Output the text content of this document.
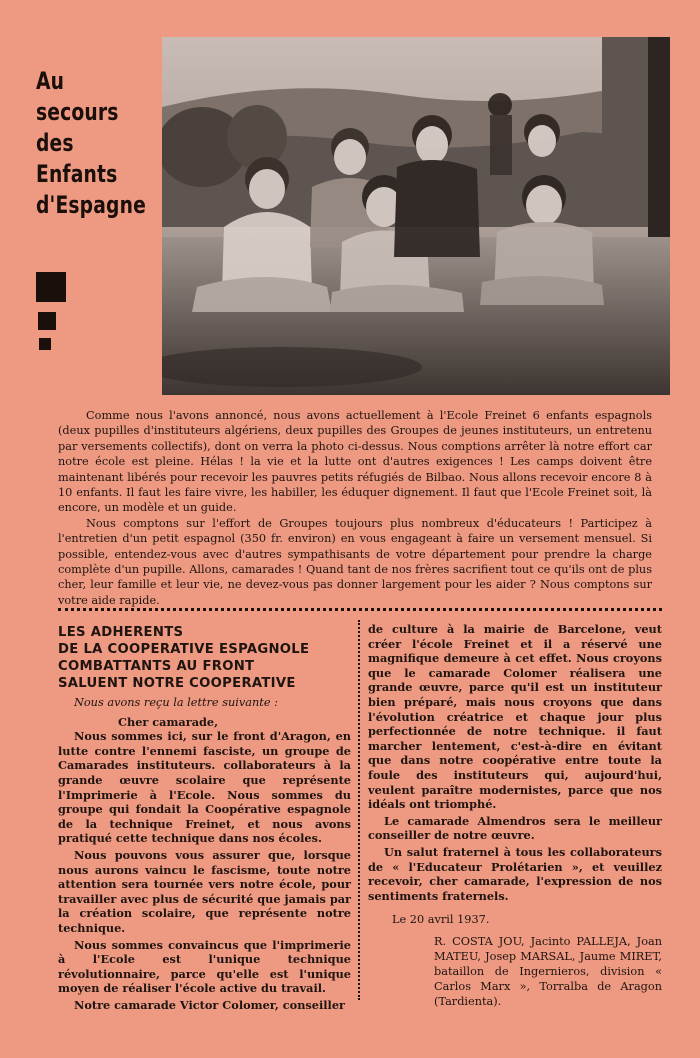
Au
secours
des
Enfants
d'Espagne

Comme nous l'avons annoncé, nous avons actuellement à l'Ecole Freinet 6 enfants espagnols (deux pupilles d'instituteurs algériens, deux pupilles des Groupes de jeunes instituteurs, un entretenu par versements collectifs), dont on verra la photo ci-dessus. Nous comptions arrêter là notre effort car notre école est pleine. Hélas ! la vie et la lutte ont d'autres exigences ! Les camps doivent être maintenant libérés pour recevoir les pauvres petits réfugiés de Bilbao. Nous allons recevoir encore 8 à 10 enfants. Il faut les faire vivre, les habiller, les éduquer dignement. Il faut que l'Ecole Freinet soit, là encore, un modèle et un guide.

Nous comptons sur l'effort de Groupes toujours plus nombreux d'éducateurs ! Participez à l'entretien d'un petit espagnol (350 fr. environ) en vous engageant à faire un versement mensuel. Si possible, entendez-vous avec d'autres sympathisants de votre département pour prendre la charge complète d'un pupille. Allons, camarades ! Quand tant de nos frères sacrifient tout ce qu'ils ont de plus cher, leur famille et leur vie, ne devez-vous pas donner largement pour les aider ? Nous comptons sur votre aide rapide.

LES ADHERENTS
DE LA COOPERATIVE ESPAGNOLE
COMBATTANTS AU FRONT
SALUENT NOTRE COOPERATIVE
Nous avons reçu la lettre suivante :
Cher camarade,

Nous sommes ici, sur le front d'Aragon, en lutte contre l'ennemi fasciste, un groupe de Camarades instituteurs. collaborateurs à la grande œuvre scolaire que représente l'Imprimerie à l'Ecole. Nous sommes du groupe qui fondait la Coopérative espagnole de la technique Freinet, et nous avons pratiqué cette technique dans nos écoles.

Nous pouvons vous assurer que, lorsque nous aurons vaincu le fascisme, toute notre attention sera tournée vers notre école, pour travailler avec plus de sécurité que jamais par la création scolaire, que représente notre technique.

Nous sommes convaincus que l'imprimerie à l'Ecole est l'unique technique révolutionnaire, parce qu'elle est l'unique moyen de réaliser l'école active du travail.

Notre camarade Victor Colomer, conseiller

de culture à la mairie de Barcelone, veut créer l'école Freinet et il a réservé une magnifique demeure à cet effet. Nous croyons que le camarade Colomer réalisera une grande œuvre, parce qu'il est un instituteur bien préparé, mais nous croyons que dans l'évolution créatrice et chaque jour plus perfectionnée de notre technique. il faut marcher lentement, c'est-à-dire en évitant que dans notre coopérative entre toute la foule des instituteurs qui, aujourd'hui, veulent paraître modernistes, parce que nos idéals ont triomphé.

Le camarade Almendros sera le meilleur conseiller de notre œuvre.

Un salut fraternel à tous les collaborateurs de « l'Educateur Prolétarien », et veuillez recevoir, cher camarade, l'expression de nos sentiments fraternels.

Le 20 avril 1937.

R. COSTA JOU, Jacinto PALLEJA, Joan MATEU, Josep MARSAL, Jaume MIRET, bataillon de Ingernieros, division « Carlos Marx », Torralba de Aragon (Tardienta).
